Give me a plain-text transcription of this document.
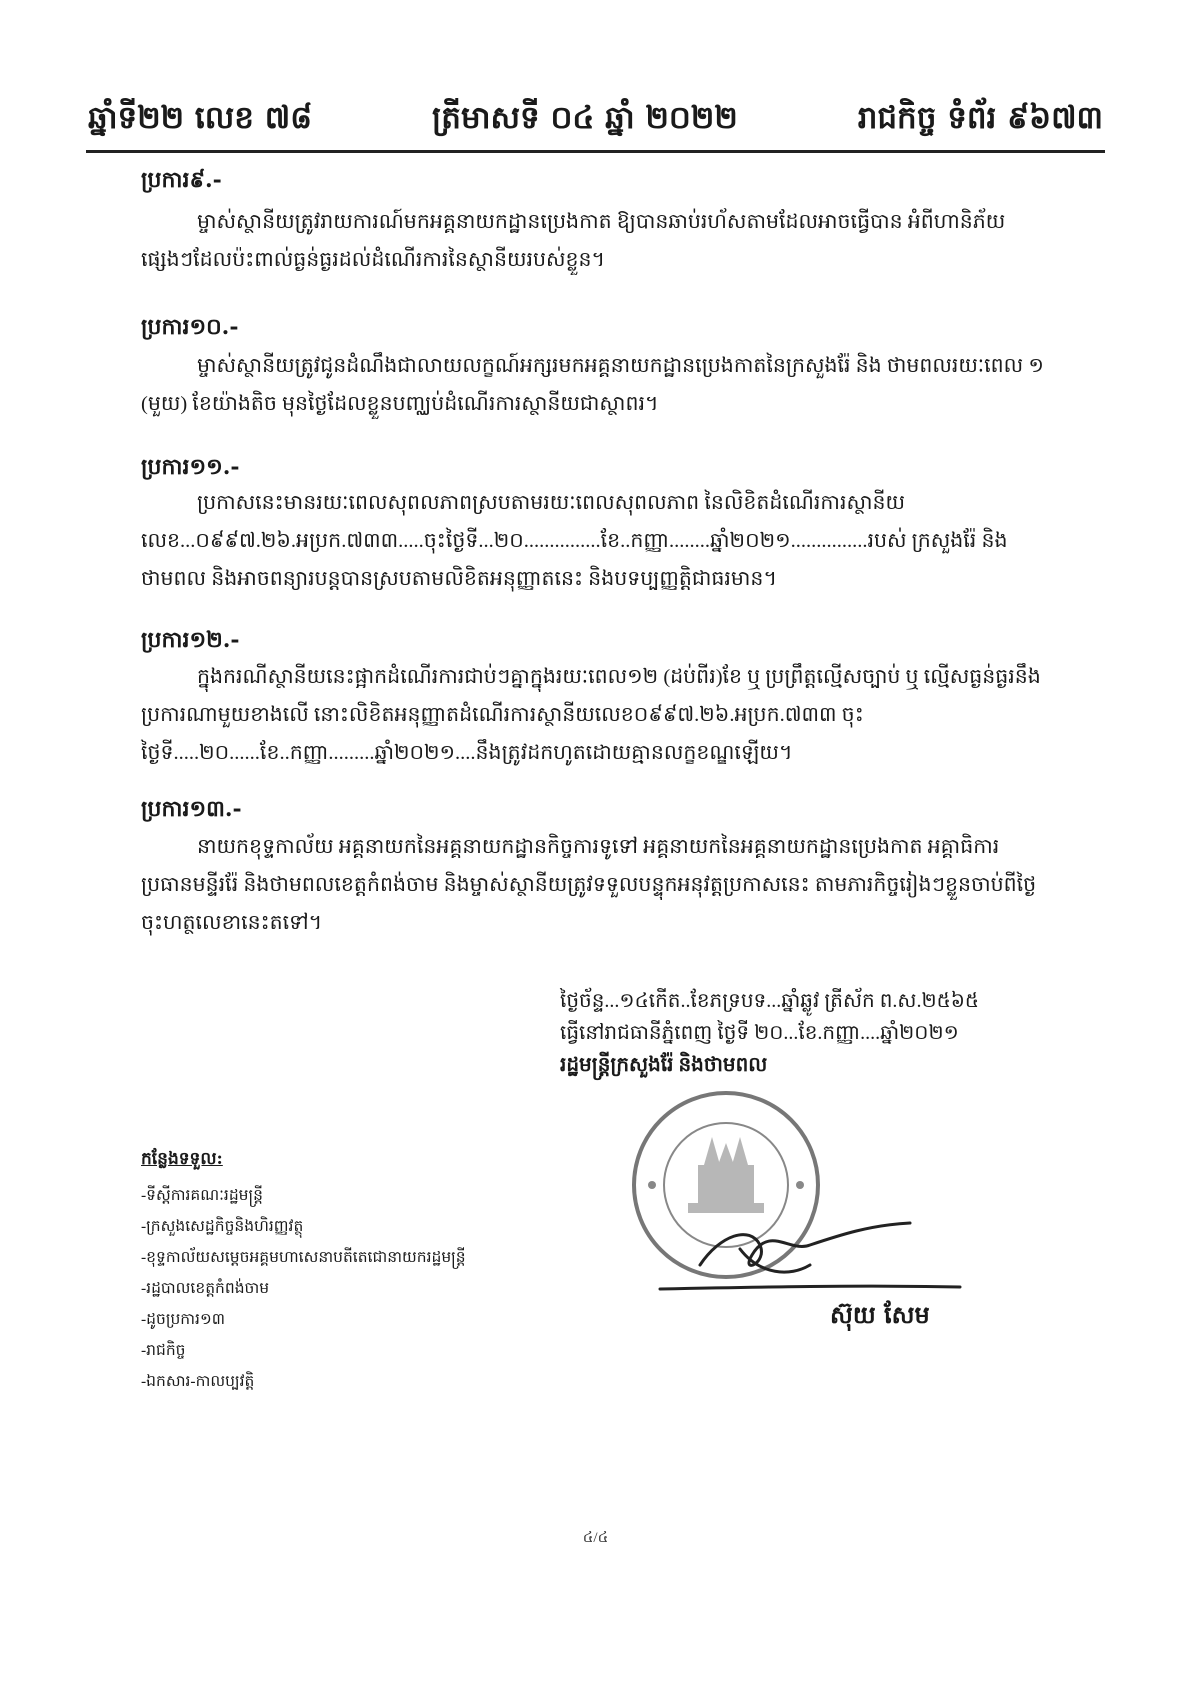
ឆ្នាំទី២២ លេខ ៧៨	ត្រីមាសទី ០៤ ឆ្នាំ ២០២២	រាជកិច្ច ទំព័រ ៩៦៧៣
ប្រការ៩.-
ម្ចាស់ស្ថានីយត្រូវរាយការណ៍មកអគ្គនាយកដ្ឋានប្រេងកាត ឱ្យបានឆាប់រហ័សតាមដែលអាចធ្វើបាន អំពីហានិភ័យផ្សេងៗដែលប៉ះពាល់ធ្ងន់ធ្ងរដល់ដំណើរការនៃស្ថានីយរបស់ខ្លួន។
ប្រការ១០.-
ម្ចាស់ស្ថានីយត្រូវជូនដំណឹងជាលាយលក្ខណ៍អក្សរមកអគ្គនាយកដ្ឋានប្រេងកាតនៃក្រសួងរ៉ែ និង ថាមពលរយៈពេល ១ (មួយ) ខែយ៉ាងតិច មុនថ្ងៃដែលខ្លួនបញ្ឈប់ដំណើរការស្ថានីយជាស្ថាពរ។
ប្រការ១១.-
ប្រកាសនេះមានរយៈពេលសុពលភាពស្របតាមរយៈពេលសុពលភាព នៃលិខិតដំណើរការស្ថានីយ លេខ...០៩៩៧.២៦.អប្រក.៧៣៣.....ចុះថ្ងៃទី...២០...............ខែ..កញ្ញា........ឆ្នាំ២០២១...............របស់ ក្រសួងរ៉ែ និងថាមពល និងអាចពន្យារបន្តបានស្របតាមលិខិតអនុញ្ញាតនេះ និងបទប្បញ្ញត្តិជាធរមាន។
ប្រការ១២.-
ក្នុងករណីស្ថានីយនេះផ្អាកដំណើរការជាប់ៗគ្នាក្នុងរយៈពេល១២ (ដប់ពីរ)ខែ ឬ ប្រព្រឹត្តល្មើសច្បាប់ ឬ ល្មើសធ្ងន់ធ្ងរនឹងប្រការណាមួយខាងលើ នោះលិខិតអនុញ្ញាតដំណើរការស្ថានីយលេខ០៩៩៧.២៦.អប្រក.៧៣៣ ចុះថ្ងៃទី.....២០......ខែ..កញ្ញា.........ឆ្នាំ២០២១....នឹងត្រូវដកហូតដោយគ្មានលក្ខខណ្ឌឡើយ។
ប្រការ១៣.-
នាយកខុទ្ទកាល័យ អគ្គនាយកនៃអគ្គនាយកដ្ឋានកិច្ចការទូទៅ អគ្គនាយកនៃអគ្គនាយកដ្ឋានប្រេងកាត អគ្គាធិការ ប្រធានមន្ទីររ៉ែ និងថាមពលខេត្តកំពង់ចាម និងម្ចាស់ស្ថានីយត្រូវទទួលបន្ទុកអនុវត្តប្រកាសនេះ តាមភារកិច្ចរៀងៗខ្លួនចាប់ពីថ្ងៃចុះហត្ថលេខានេះតទៅ។
ថ្ងៃច័ន្ទ...១៤កើត..ខែភទ្របទ...ឆ្នាំឆ្លូវ ត្រីស័ក ព.ស.២៥៦៥
ធ្វើនៅរាជធានីភ្នំពេញ ថ្ងៃទី ២០...ខែ.កញ្ញា....ឆ្នាំ២០២១
រដ្ឋមន្ត្រីក្រសួងរ៉ែ និងថាមពល
ស៊ុយ សែម
កន្លែងទទួល:
-ទីស្តីការគណៈរដ្ឋមន្ត្រី
-ក្រសួងសេដ្ឋកិច្ចនិងហិរញ្ញវត្ថុ
-ខុទ្ទកាល័យសម្តេចអគ្គមហាសេនាបតីតេជោនាយករដ្ឋមន្ត្រី
-រដ្ឋបាលខេត្តកំពង់ចាម
-ដូចប្រការ១៣
-រាជកិច្ច
-ឯកសារ-កាលប្បវត្តិ
៤/៤
